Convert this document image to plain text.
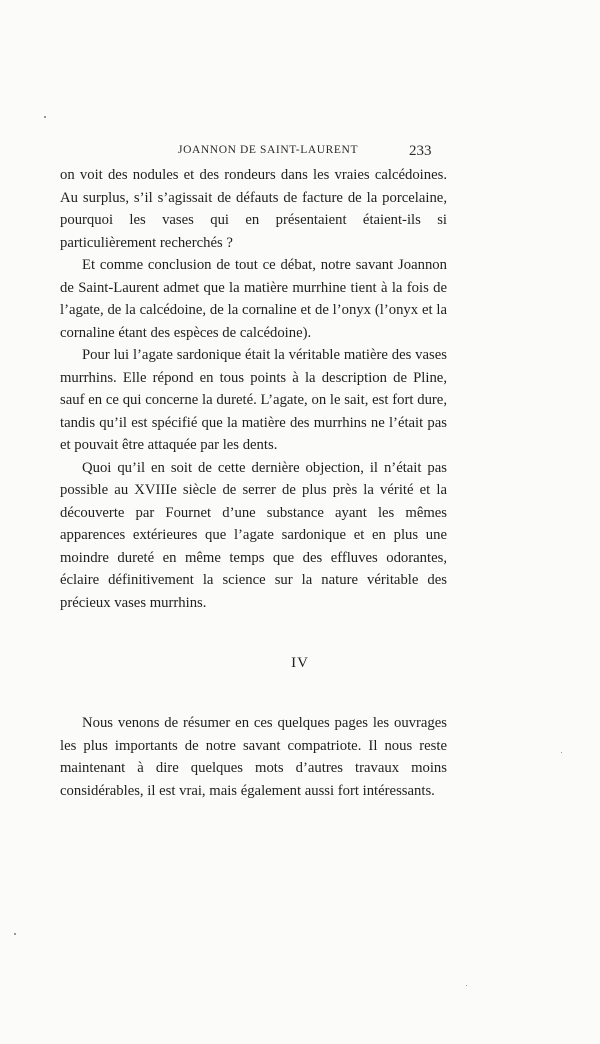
JOANNON DE SAINT-LAURENT	233

on voit des nodules et des rondeurs dans les vraies calcédoines. Au surplus, s’il s’agissait de défauts de facture de la porcelaine, pourquoi les vases qui en présentaient étaient-ils si particulièrement recherchés ?

Et comme conclusion de tout ce débat, notre savant Joannon de Saint-Laurent admet que la matière murrhine tient à la fois de l’agate, de la calcédoine, de la cornaline et de l’onyx (l’onyx et la cornaline étant des espèces de calcédoine).

Pour lui l’agate sardonique était la véritable matière des vases murrhins. Elle répond en tous points à la description de Pline, sauf en ce qui concerne la dureté. L’agate, on le sait, est fort dure, tandis qu’il est spécifié que la matière des murrhins ne l’était pas et pouvait être attaquée par les dents.

Quoi qu’il en soit de cette dernière objection, il n’était pas possible au XVIIIe siècle de serrer de plus près la vérité et la découverte par Fournet d’une substance ayant les mêmes apparences extérieures que l’agate sardonique et en plus une moindre dureté en même temps que des effluves odorantes, éclaire définitivement la science sur la nature véritable des précieux vases murrhins.

IV

Nous venons de résumer en ces quelques pages les ouvrages les plus importants de notre savant compatriote. Il nous reste maintenant à dire quelques mots d’autres travaux moins considérables, il est vrai, mais également aussi fort intéressants.
